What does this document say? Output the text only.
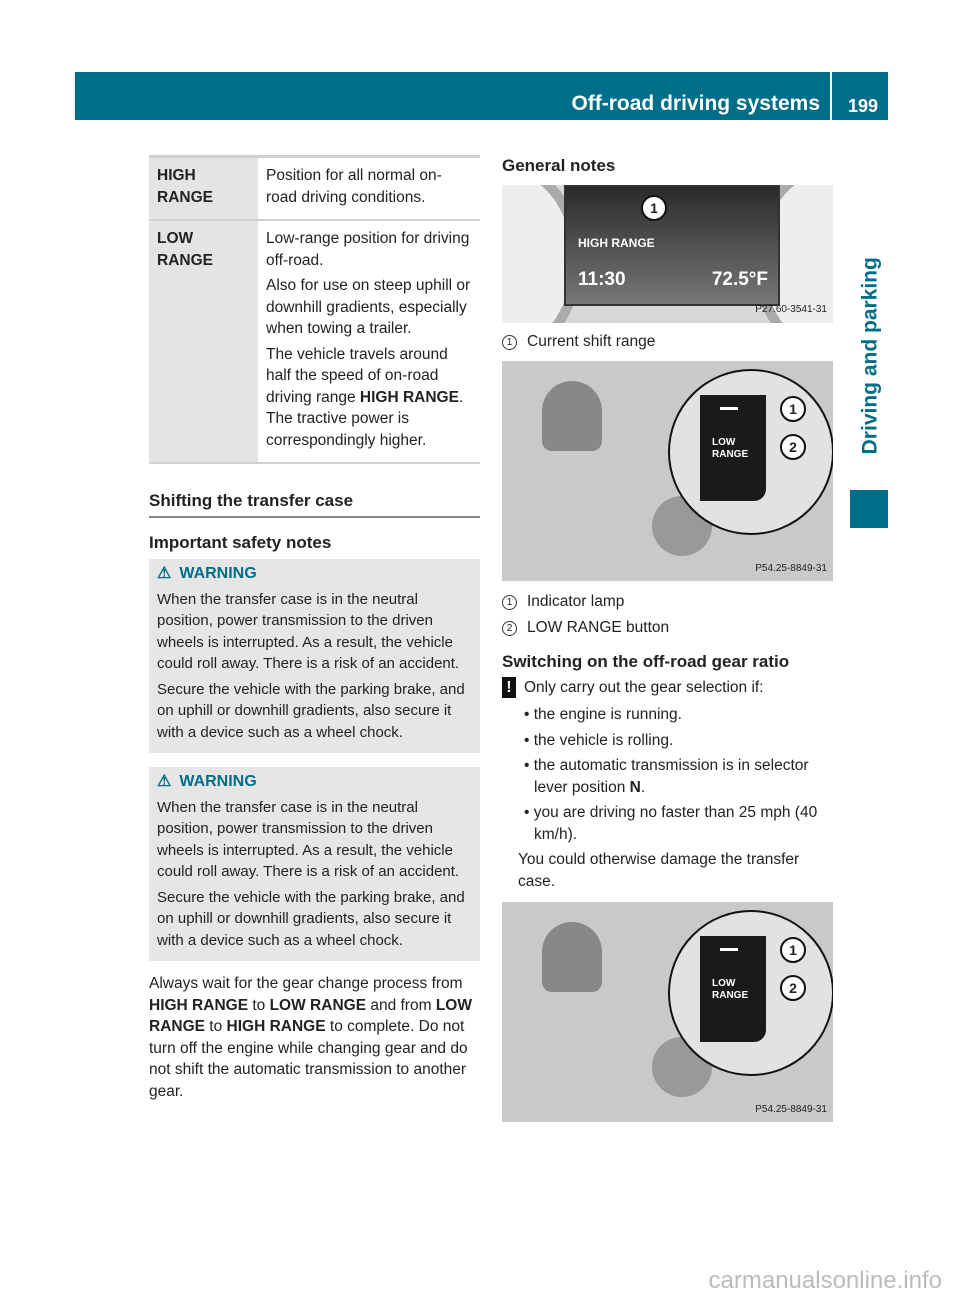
Off-road driving systems 199
Driving and parking
HIGH RANGE	Position for all normal on-road driving conditions.

LOW RANGE	Low-range position for driving off-road.

Also for use on steep uphill or downhill gradients, especially when towing a trailer.

The vehicle travels around half the speed of on-road driving range HIGH RANGE. The tractive power is correspondingly higher.

Shifting the transfer case
Important safety notes
⚠ WARNING

When the transfer case is in the neutral position, power transmission to the driven wheels is interrupted. As a result, the vehicle could roll away. There is a risk of an accident.

Secure the vehicle with the parking brake, and on uphill or downhill gradients, also secure it with a device such as a wheel chock.

⚠ WARNING

When the transfer case is in the neutral position, power transmission to the driven wheels is interrupted. As a result, the vehicle could roll away. There is a risk of an accident.

Secure the vehicle with the parking brake, and on uphill or downhill gradients, also secure it with a device such as a wheel chock.

Always wait for the gear change process from HIGH RANGE to LOW RANGE and from LOW RANGE to HIGH RANGE to complete. Do not turn off the engine while changing gear and do not shift the automatic transmission to another gear.

General notes
HIGH RANGE
11:30	72.5°F
1
P27.60-3541-31
1 Current shift range
LOW
RANGE
1
2
P54.25-8849-31
1 Indicator lamp
2 LOW RANGE button
Switching on the off-road gear ratio

! Only carry out the gear selection if:

• the engine is running.

• the vehicle is rolling.

• the automatic transmission is in selector lever position N.

• you are driving no faster than 25 mph (40 km/h).

You could otherwise damage the transfer case.

LOW
RANGE
1
2
P54.25-8849-31
carmanualsonline.info
